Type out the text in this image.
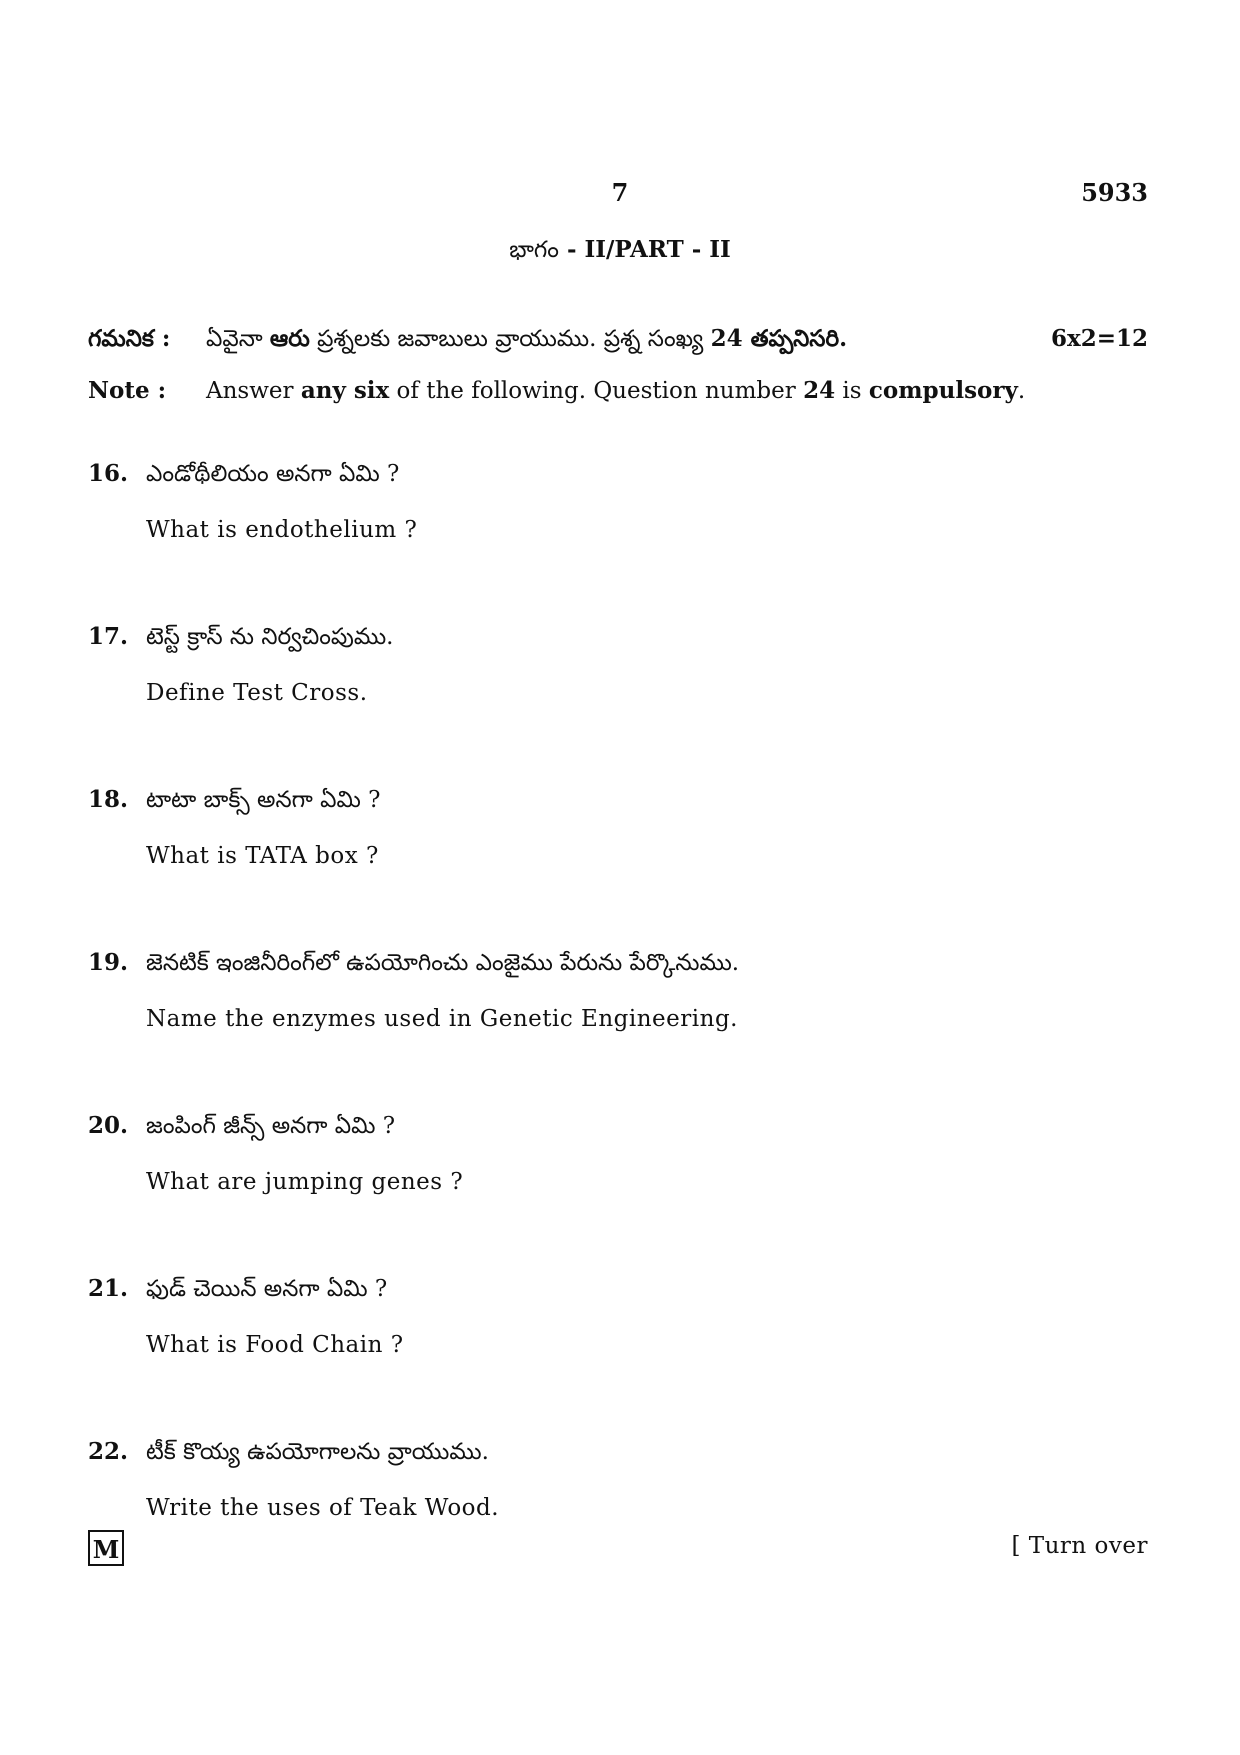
7	5933
భాగం - II/PART - II
గమనిక :	ఏవైనా ఆరు ప్రశ్నలకు జవాబులు వ్రాయుము. ప్రశ్న సంఖ్య 24 తప్పనిసరి.	6x2=12
Note :	Answer any six of the following. Question number 24 is compulsory.
16. ఎండోథీలియం అనగా ఏమి ?
What is endothelium ?
17. టెస్ట్ క్రాస్ ను నిర్వచింపుము.
Define Test Cross.
18. టాటా బాక్స్ అనగా ఏమి ?
What is TATA box ?
19. జెనటిక్ ఇంజినీరింగ్‌లో ఉపయోగించు ఎంజైము పేరును పేర్కొనుము.
Name the enzymes used in Genetic Engineering.
20. జంపింగ్ జీన్స్ అనగా ఏమి ?
What are jumping genes ?
21. ఫుడ్ చెయిన్ అనగా ఏమి ?
What is Food Chain ?
22. టీక్ కొయ్య ఉపయోగాలను వ్రాయుము.
Write the uses of Teak Wood.
M	[ Turn over
